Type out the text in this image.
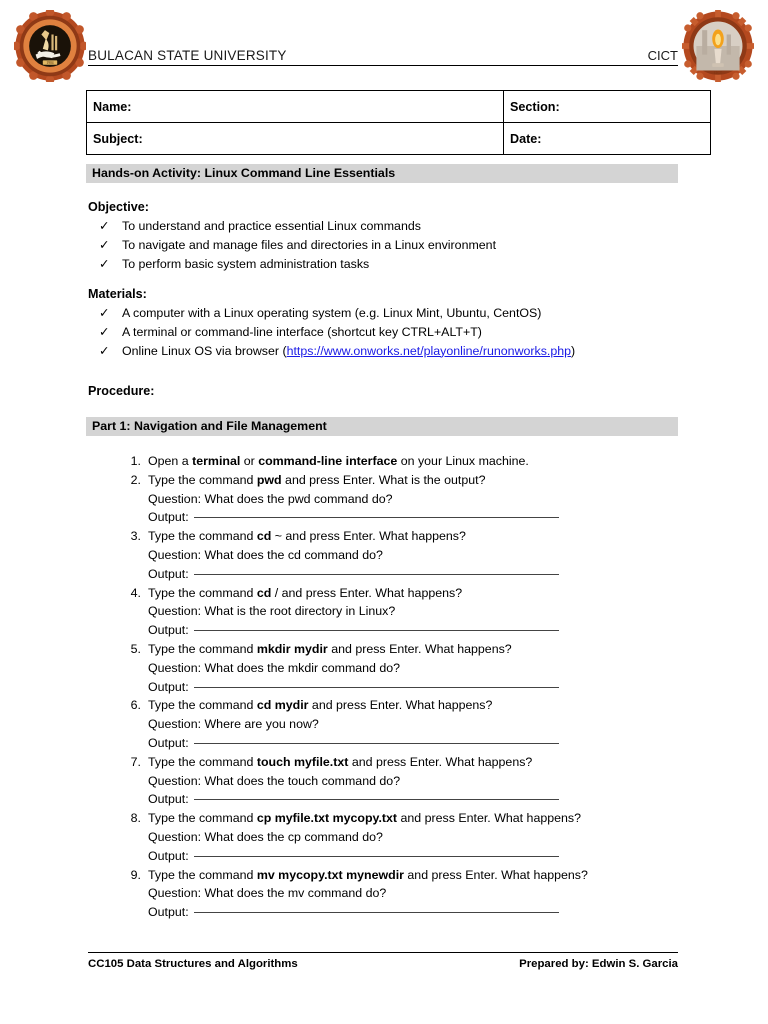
1904
CICT
BULACAN STATE UNIVERSITY	CICT
Name:	Section:
Subject:	Date:
Hands-on Activity: Linux Command Line Essentials
Objective:
✓ To understand and practice essential Linux commands
✓ To navigate and manage files and directories in a Linux environment
✓ To perform basic system administration tasks
Materials:
✓ A computer with a Linux operating system (e.g. Linux Mint, Ubuntu, CentOS)
✓ A terminal or command-line interface (shortcut key CTRL+ALT+T)
✓ Online Linux OS via browser (https://www.onworks.net/playonline/runonworks.php)
Procedure:
Part 1: Navigation and File Management
1. Open a terminal or command-line interface on your Linux machine.
2. Type the command pwd and press Enter. What is the output?
Question: What does the pwd command do?
Output:
3. Type the command cd ~ and press Enter. What happens?
Question: What does the cd command do?
Output:
4. Type the command cd / and press Enter. What happens?
Question: What is the root directory in Linux?
Output:
5. Type the command mkdir mydir and press Enter. What happens?
Question: What does the mkdir command do?
Output:
6. Type the command cd mydir and press Enter. What happens?
Question: Where are you now?
Output:
7. Type the command touch myfile.txt and press Enter. What happens?
Question: What does the touch command do?
Output:
8. Type the command cp myfile.txt mycopy.txt and press Enter. What happens?
Question: What does the cp command do?
Output:
9. Type the command mv mycopy.txt mynewdir and press Enter. What happens?
Question: What does the mv command do?
Output:
CC105 Data Structures and Algorithms	Prepared by: Edwin S. Garcia
